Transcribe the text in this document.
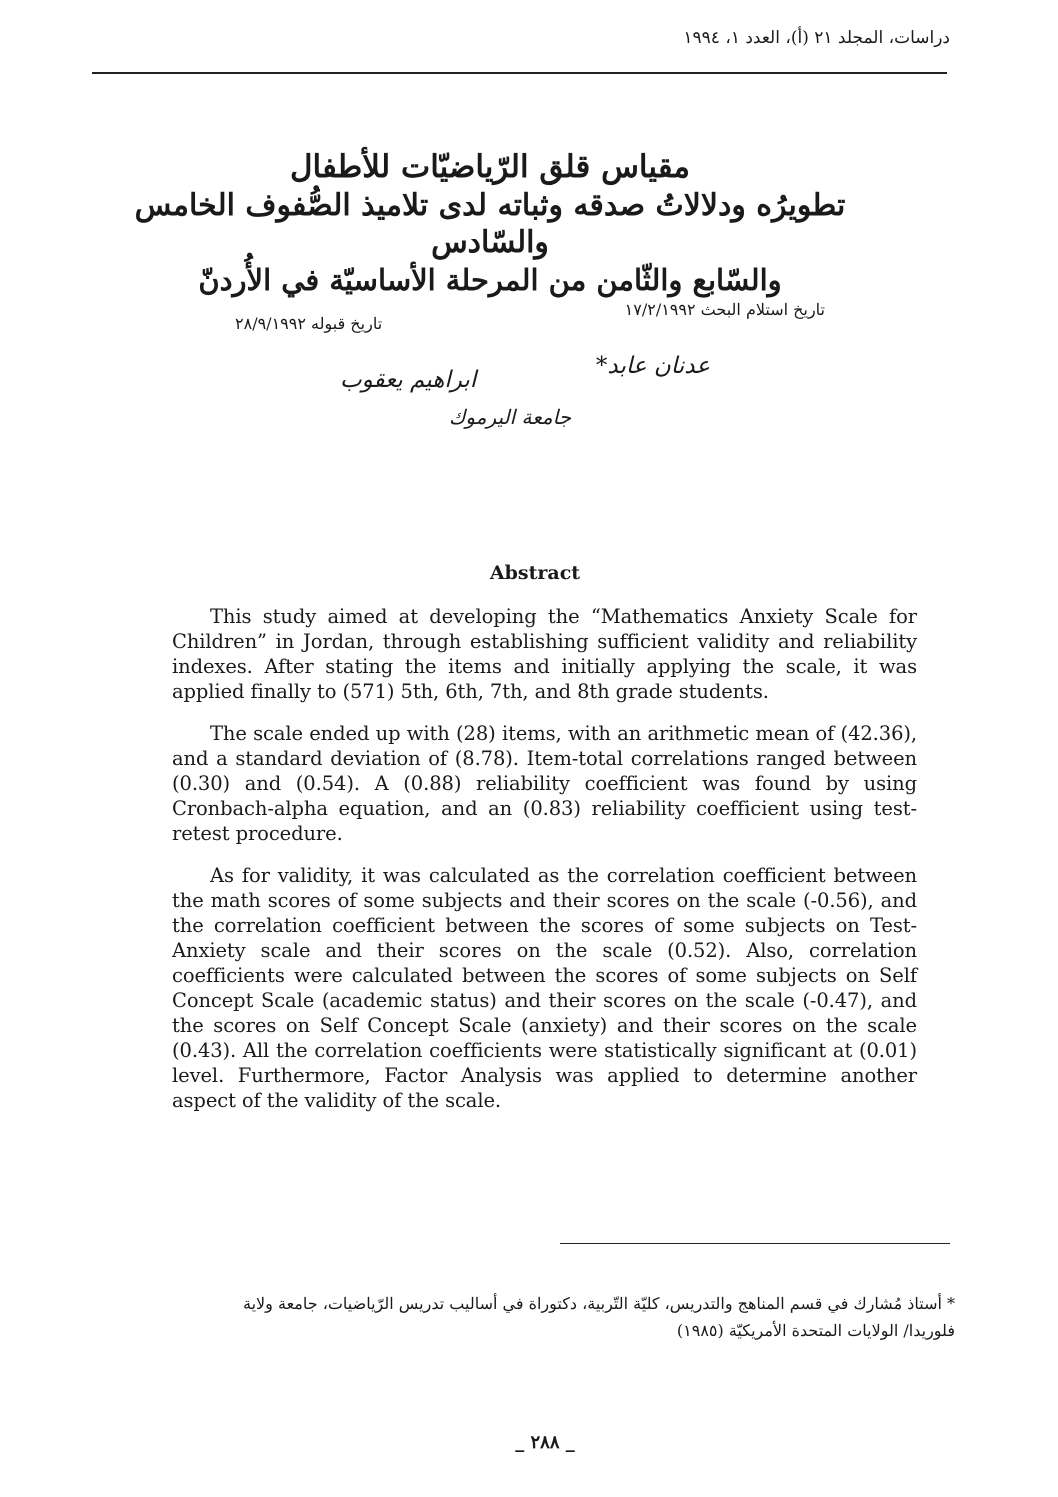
دراسات، المجلد ٢١ (أ)، العدد ١، ١٩٩٤
مقياس قلق الرّياضيّات للأطفال
تطويرُه ودلالاتُ صدقه وثباته لدى تلاميذ الصُّفوف الخامس والسّادس
والسّابع والثّامن من المرحلة الأساسيّة في الأُردنّ
تاريخ استلام البحث ١٧/٢/١٩٩٢
تاريخ قبوله ٢٨/٩/١٩٩٢
عدنان عابد*
ابراهيم يعقوب
جامعة اليرموك
Abstract

This study aimed at developing the “Mathematics Anxiety Scale for Children” in Jordan, through establishing sufficient validity and reliability indexes. After stating the items and initially applying the scale, it was applied finally to (571) 5th, 6th, 7th, and 8th grade students.

The scale ended up with (28) items, with an arithmetic mean of (42.36), and a standard deviation of (8.78). Item-total correlations ranged between (0.30) and (0.54). A (0.88) reliability coefficient was found by using Cronbach-alpha equation, and an (0.83) reliability coefficient using test-retest procedure.

As for validity, it was calculated as the correlation coefficient between the math scores of some subjects and their scores on the scale (-0.56), and the correlation coefficient between the scores of some subjects on Test-Anxiety scale and their scores on the scale (0.52). Also, correlation coefficients were calculated between the scores of some subjects on Self Concept Scale (academic status) and their scores on the scale (-0.47), and the scores on Self Concept Scale (anxiety) and their scores on the scale (0.43). All the correlation coefficients were statistically significant at (0.01) level. Furthermore, Factor Analysis was applied to determine another aspect of the validity of the scale.

* أستاذ مُشارك في قسم المناهج والتدريس، كليّة التّربية، دكتوراة في أساليب تدريس الرّياضيات، جامعة ولاية
فلوريدا/ الولايات المتحدة الأمريكيّة (١٩٨٥)
_ ٢٨٨ _
